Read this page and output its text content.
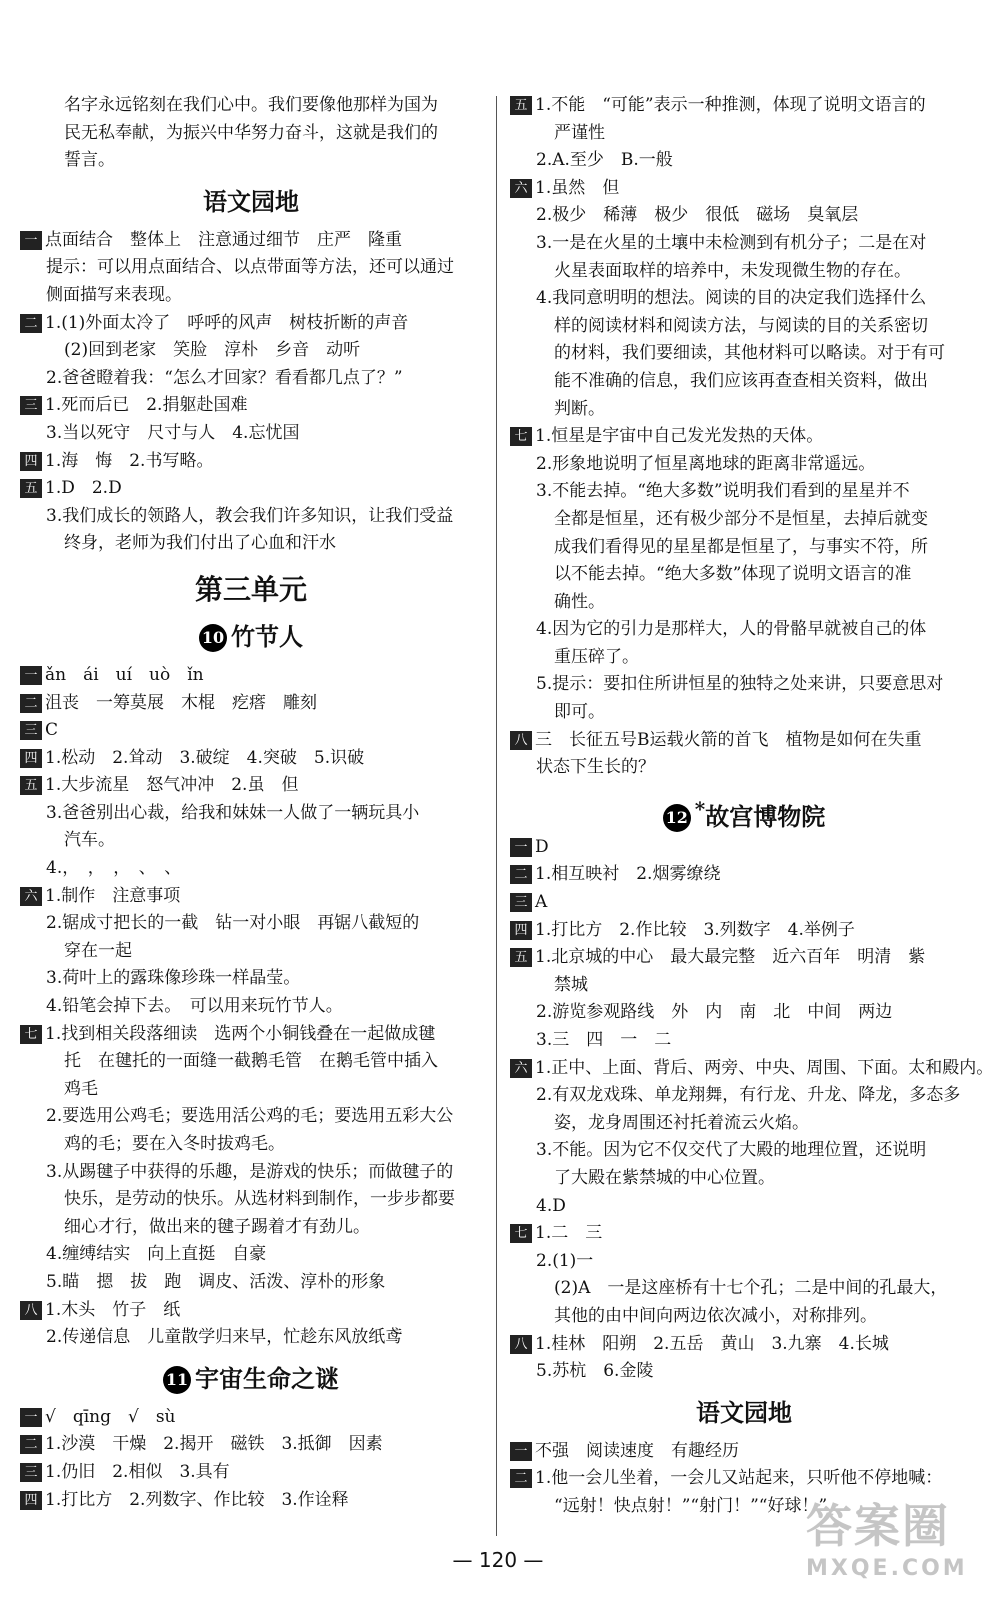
名字永远铭刻在我们心中。我们要像他那样为国为
民无私奉献，为振兴中华努力奋斗，这就是我们的
誓言。
语文园地
一 点面结合　整体上　注意通过细节　庄严　隆重
提示：可以用点面结合、以点带面等方法，还可以通过
侧面描写来表现。
二 1.(1)外面太冷了　呼呼的风声　树枝折断的声音
(2)回到老家　笑脸　淳朴　乡音　动听
2.爸爸瞪着我：“怎么才回家？看看都几点了？”
三 1.死而后已　2.捐躯赴国难
3.当以死守　尺寸与人　4.忘忧国
四 1.海　悔　2.书写略。
五 1.D　2.D
3.我们成长的领路人，教会我们许多知识，让我们受益
终身，老师为我们付出了心血和汗水
第三单元
10 竹节人
一 ǎn　ái　uí　uò　ǐn
二 沮丧　一筹莫展　木棍　疙瘩　雕刻
三 C
四 1.松动　2.耸动　3.破绽　4.突破　5.识破
五 1.大步流星　怒气冲冲　2.虽　但
3.爸爸别出心裁，给我和妹妹一人做了一辆玩具小
汽车。
4.，　，　，　、　、
六 1.制作　注意事项
2.锯成寸把长的一截　钻一对小眼　再锯八截短的
穿在一起
3.荷叶上的露珠像珍珠一样晶莹。
4.铅笔会掉下去。　可以用来玩竹节人。
七 1.找到相关段落细读　选两个小铜钱叠在一起做成毽
托　在毽托的一面缝一截鹅毛管　在鹅毛管中插入
鸡毛
2.要选用公鸡毛；要选用活公鸡的毛；要选用五彩大公
鸡的毛；要在入冬时拔鸡毛。
3.从踢毽子中获得的乐趣，是游戏的快乐；而做毽子的
快乐，是劳动的快乐。从选材料到制作，一步步都要
细心才行，做出来的毽子踢着才有劲儿。
4.缠缚结实　向上直挺　自豪
5.瞄　摁　拔　跑　调皮、活泼、淳朴的形象
八 1.木头　竹子　纸
2.传递信息　儿童散学归来早，忙趁东风放纸鸢
11 宇宙生命之谜
一 √　qīng　√　sù
二 1.沙漠　干燥　2.揭开　磁铁　3.抵御　因素
三 1.仍旧　2.相似　3.具有
四 1.打比方　2.列数字、作比较　3.作诠释
五 1.不能　“可能”表示一种推测，体现了说明文语言的
严谨性
2.A.至少　B.一般
六 1.虽然　但
2.极少　稀薄　极少　很低　磁场　臭氧层
3.一是在火星的土壤中未检测到有机分子；二是在对
火星表面取样的培养中，未发现微生物的存在。
4.我同意明明的想法。阅读的目的决定我们选择什么
样的阅读材料和阅读方法，与阅读的目的关系密切
的材料，我们要细读，其他材料可以略读。对于有可
能不准确的信息，我们应该再查查相关资料，做出
判断。
七 1.恒星是宇宙中自己发光发热的天体。
2.形象地说明了恒星离地球的距离非常遥远。
3.不能去掉。“绝大多数”说明我们看到的星星并不
全都是恒星，还有极少部分不是恒星，去掉后就变
成我们看得见的星星都是恒星了，与事实不符，所
以不能去掉。“绝大多数”体现了说明文语言的准
确性。
4.因为它的引力是那样大，人的骨骼早就被自己的体
重压碎了。
5.提示：要扣住所讲恒星的独特之处来讲，只要意思对
即可。
八 三　长征五号B运载火箭的首飞　植物是如何在失重
状态下生长的？
12 *故宫博物院
一 D
二 1.相互映衬　2.烟雾缭绕
三 A
四 1.打比方　2.作比较　3.列数字　4.举例子
五 1.北京城的中心　最大最完整　近六百年　明清　紫
禁城
2.游览参观路线　外　内　南　北　中间　两边
3.三　四　一　二
六 1.正中、上面、背后、两旁、中央、周围、下面。太和殿内。
2.有双龙戏珠、单龙翔舞，有行龙、升龙、降龙，多态多
姿，龙身周围还衬托着流云火焰。
3.不能。因为它不仅交代了大殿的地理位置，还说明
了大殿在紫禁城的中心位置。
4.D
七 1.二　三
2.(1)一
(2)A　一是这座桥有十七个孔；二是中间的孔最大，
其他的由中间向两边依次减小，对称排列。
八 1.桂林　阳朔　2.五岳　黄山　3.九寨　4.长城
5.苏杭　6.金陵
语文园地
一 不强　阅读速度　有趣经历
二 1.他一会儿坐着，一会儿又站起来，只听他不停地喊：
“远射！快点射！”“射门！”“好球！”
— 120 —
答案圈
MXQE.COM
